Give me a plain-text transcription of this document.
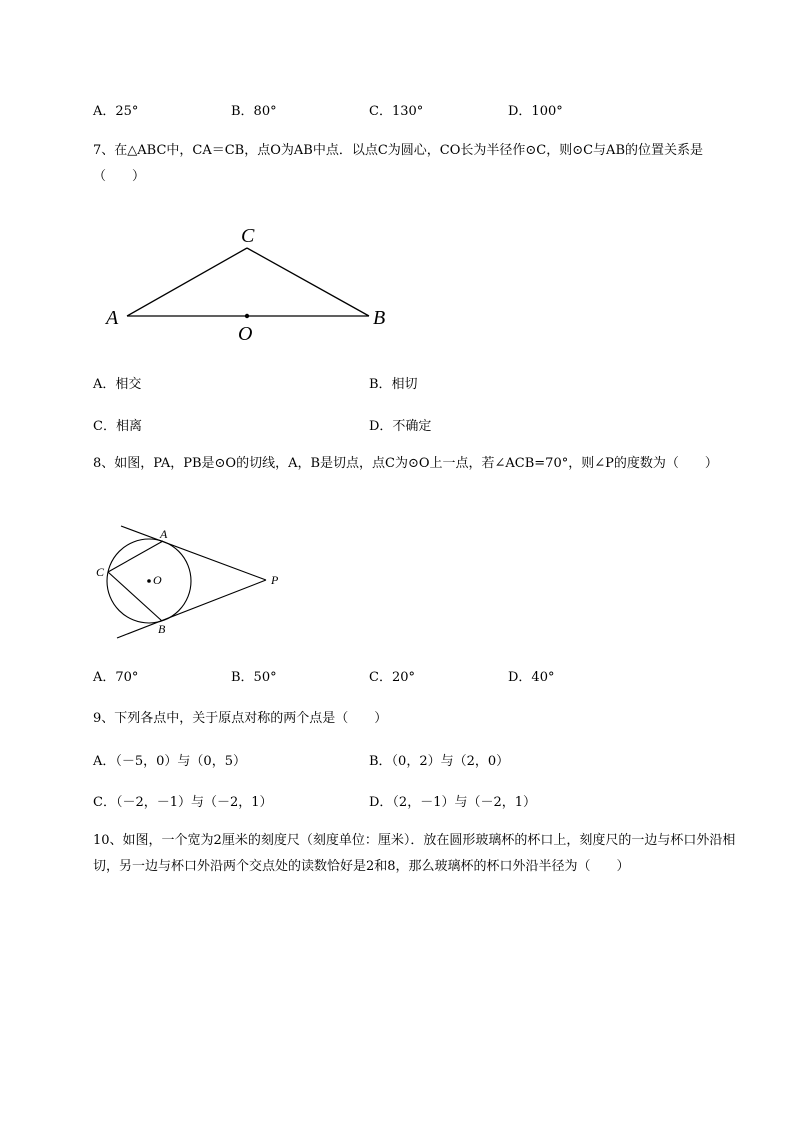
A．25°	B．80°	C．130°	D．100°
7、在△ABC中，CA＝CB，点O为AB中点．以点C为圆心，CO长为半径作⊙C，则⊙C与AB的位置关系是（　　）
A
C
B
O
A．相交	B．相切
C．相离	D．不确定
8、如图，PA，PB是⊙O的切线，A，B是切点，点C为⊙O上一点，若∠ACB=70°，则∠P的度数为（　　）
C
A
O	P
B
A．70°	B．50°	C．20°	D．40°
9、下列各点中，关于原点对称的两个点是（　　）
A．（－5，0）与（0，5）	B．（0，2）与（2，0）
C．（－2，－1）与（－2，1）	D．（2，－1）与（－2，1）
10、如图，一个宽为2厘米的刻度尺（刻度单位：厘米）．放在圆形玻璃杯的杯口上，刻度尺的一边与杯口外沿相切，另一边与杯口外沿两个交点处的读数恰好是2和8，那么玻璃杯的杯口外沿半径为（　　）
